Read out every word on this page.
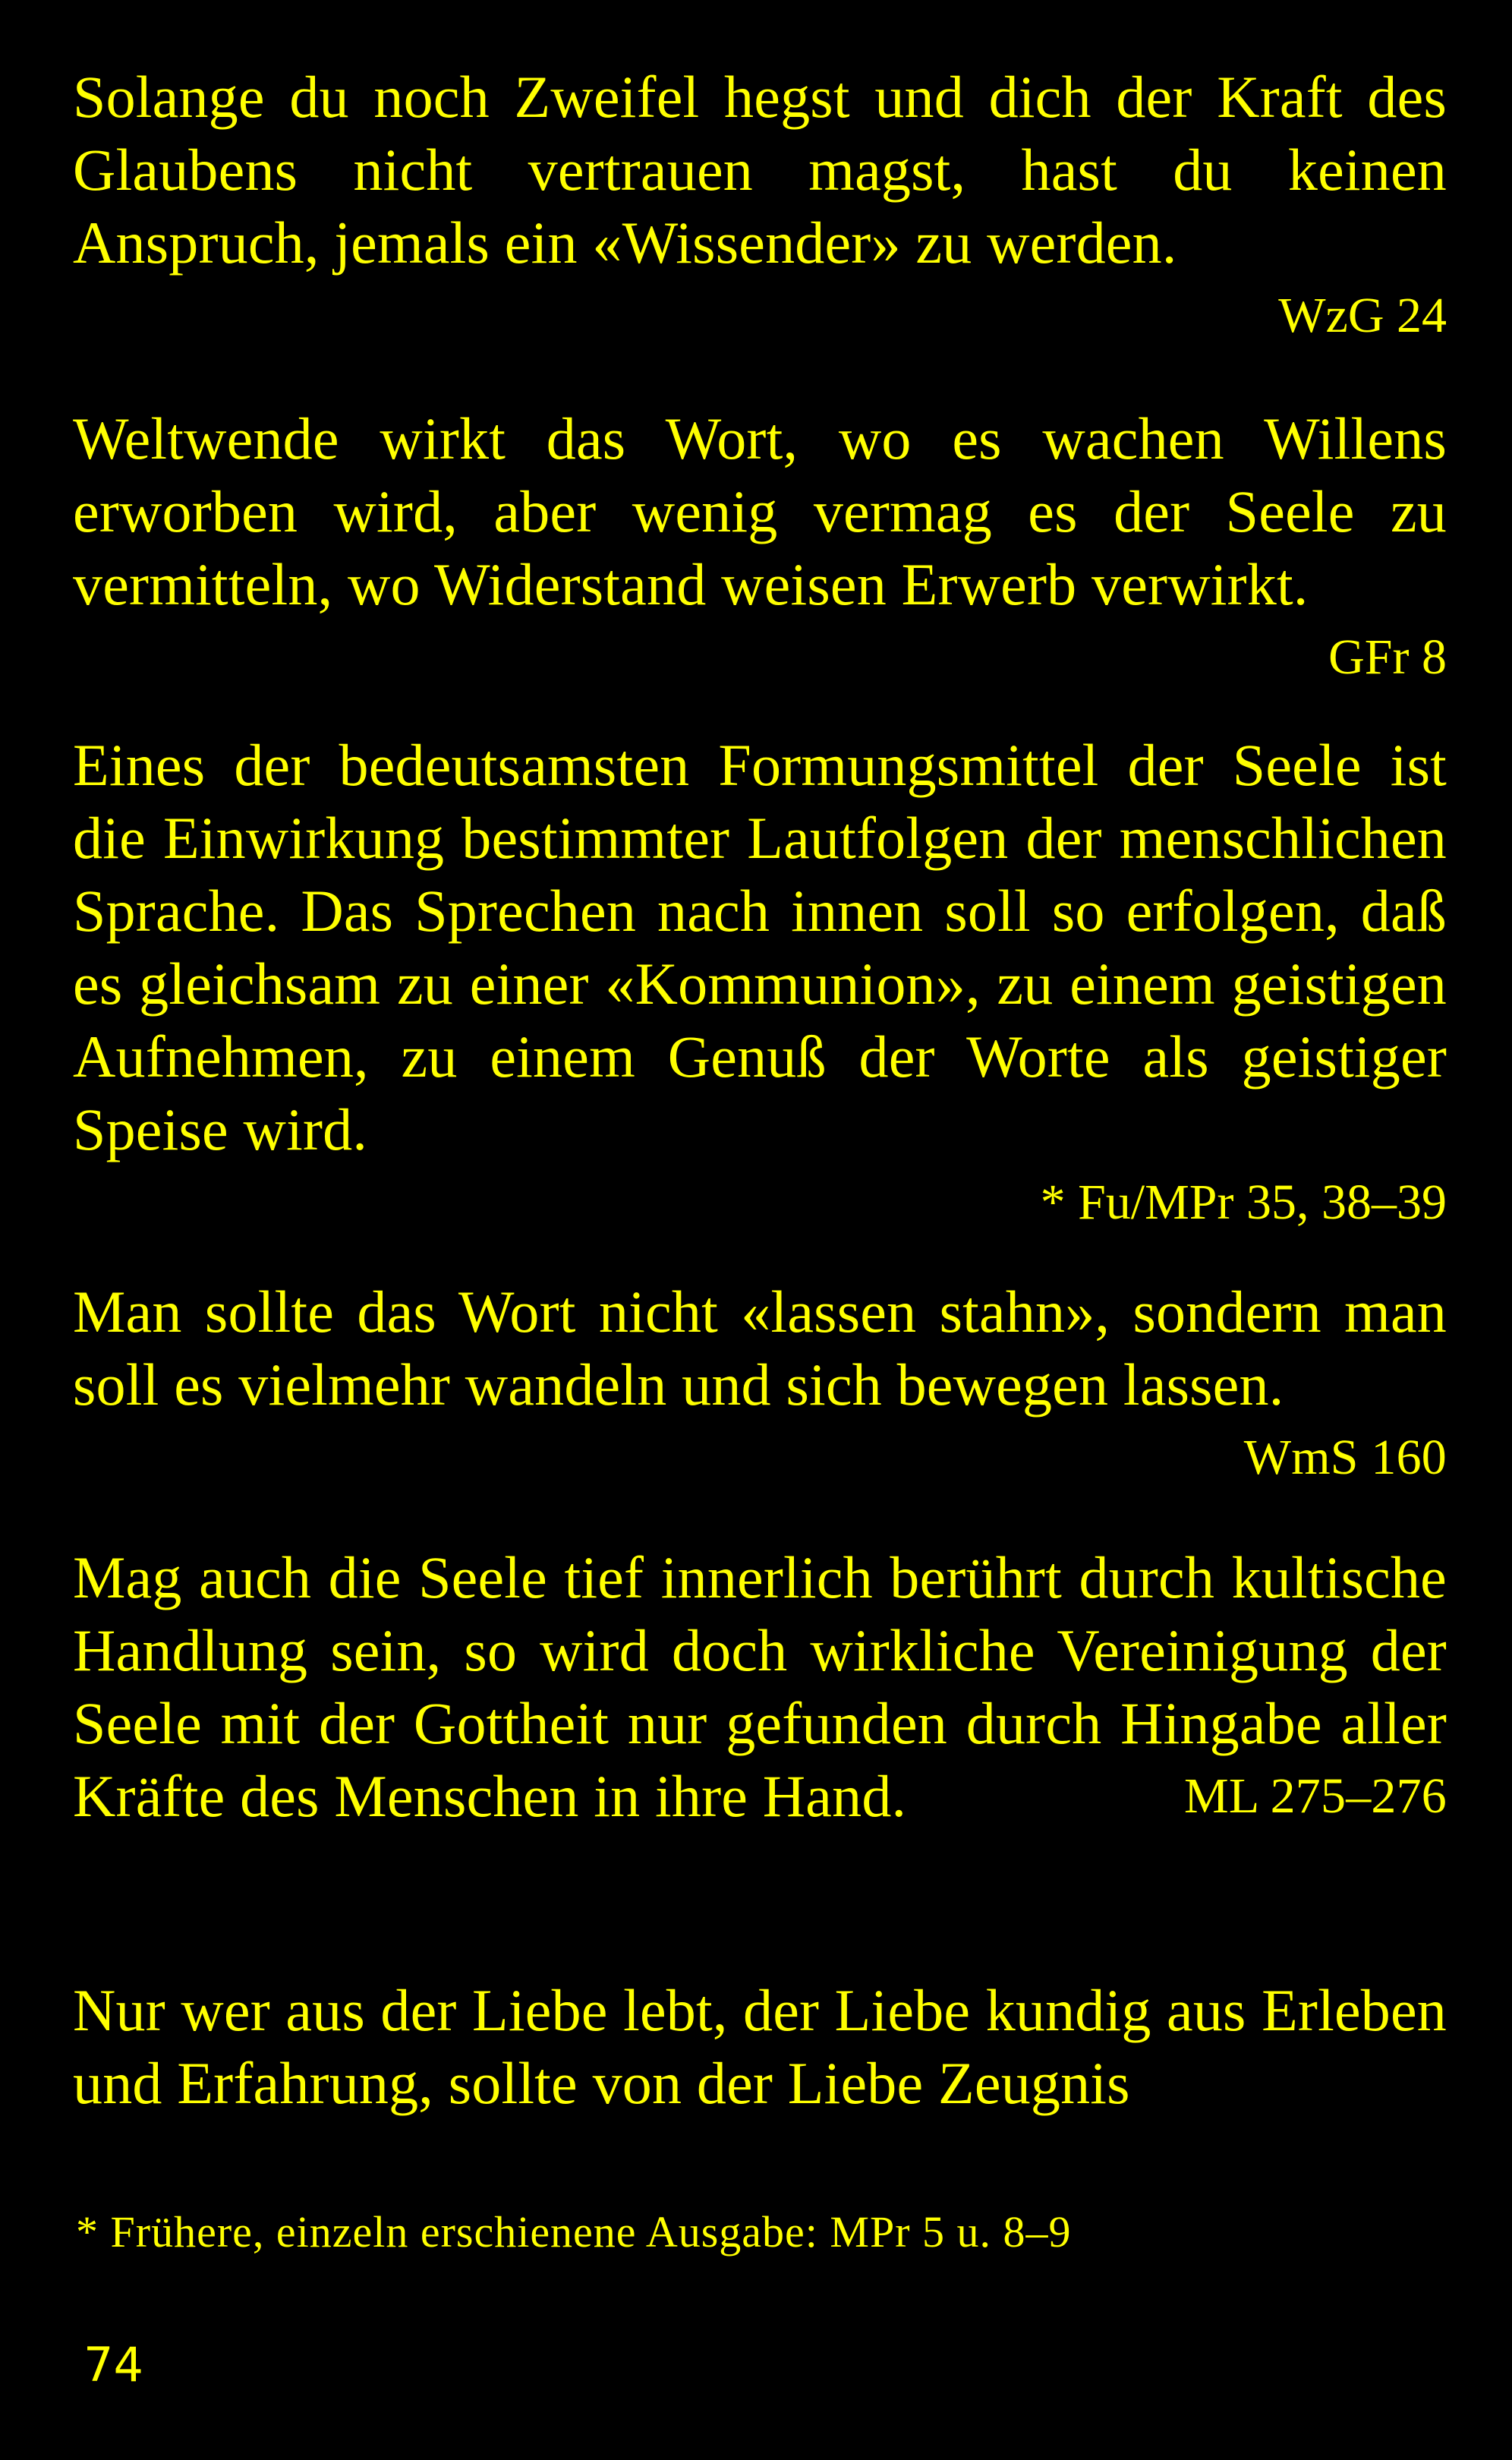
Solange du noch Zweifel hegst und dich der Kraft des Glaubens nicht vertrauen magst, hast du keinen Anspruch, jemals ein «Wissender» zu werden.

WzG 24

Weltwende wirkt das Wort, wo es wachen Willens erworben wird, aber wenig vermag es der Seele zu vermitteln, wo Widerstand weisen Erwerb verwirkt.

GFr 8

Eines der bedeutsamsten Formungsmittel der Seele ist die Einwirkung bestimmter Lautfolgen der menschlichen Sprache. Das Sprechen nach innen soll so erfolgen, daß es gleichsam zu einer «Kommunion», zu einem geistigen Aufnehmen, zu einem Genuß der Worte als geistiger Speise wird.

* Fu/MPr 35, 38–39

Man sollte das Wort nicht «lassen stahn», sondern man soll es vielmehr wandeln und sich bewegen lassen.
WmS 160

Mag auch die Seele tief innerlich berührt durch kultische Handlung sein, so wird doch wirkliche Vereinigung der Seele mit der Gottheit nur gefunden durch Hingabe aller Kräfte des Menschen in ihre Hand.	ML 275–276

Nur wer aus der Liebe lebt, der Liebe kundig aus Erleben und Erfahrung, sollte von der Liebe Zeugnis

* Frühere, einzeln erschienene Ausgabe: MPr 5 u. 8–9
74
